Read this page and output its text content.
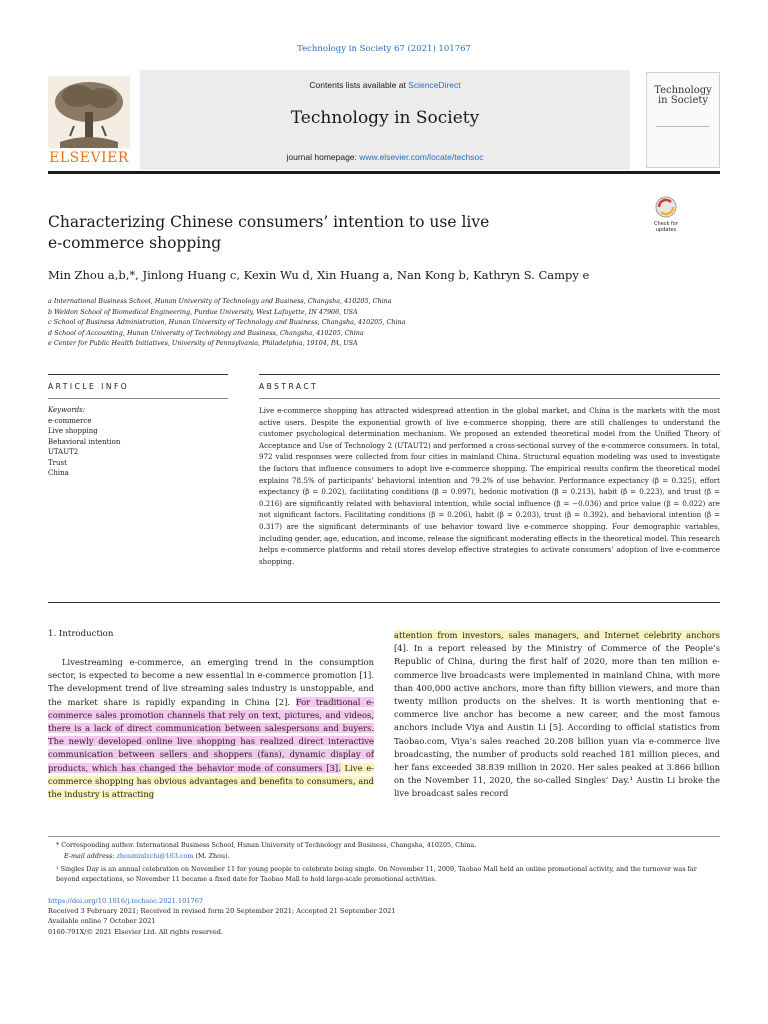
Technology in Society 67 (2021) 101767
ELSEVIER
Contents lists available at ScienceDirect
Technology in Society
journal homepage: www.elsevier.com/locate/techsoc
Technology in Society
Characterizing Chinese consumers’ intention to use live
e-commerce shopping
Check for updates
Min Zhou a,b,*, Jinlong Huang c, Kexin Wu d, Xin Huang a, Nan Kong b, Kathryn S. Campy e
a International Business School, Hunan University of Technology and Business, Changsha, 410205, China
b Weldon School of Biomedical Engineering, Purdue University, West Lafayette, IN 47906, USA
c School of Business Administration, Hunan University of Technology and Business, Changsha, 410205, China
d School of Accounting, Hunan University of Technology and Business, Changsha, 410205, China
e Center for Public Health Initiatives, University of Pennsylvania, Philadelphia, 19104, PA, USA
ARTICLE INFO	ABSTRACT
Keywords:
e-commerce
Live shopping
Behavioral intention
UTAUT2
Trust
China
Live e-commerce shopping has attracted widespread attention in the global market, and China is the markets with the most active users. Despite the exponential growth of live e-commerce shopping, there are still challenges to understand the customer psychological determination mechanism. We proposed an extended theoretical model from the Unified Theory of Acceptance and Use of Technology 2 (UTAUT2) and performed a cross-sectional survey of the e-commerce consumers. In total, 972 valid responses were collected from four cities in mainland China. Structural equation modeling was used to investigate the factors that influence consumers to adopt live e-commerce shopping. The empirical results confirm the theoretical model explains 78.5% of participants’ behavioral intention and 79.2% of use behavior. Performance expectancy (β = 0.325), effort expectancy (β = 0.202), facilitating conditions (β = 0.097), hedonic motivation (β = 0.213), habit (β = 0.223), and trust (β = 0.216) are significantly related with behavioral intention, while social influence (β = −0.036) and price value (β = 0.022) are not significant factors. Facilitating conditions (β = 0.206), habit (β = 0.203), trust (β = 0.392), and behavioral intention (β = 0.317) are the significant determinants of use behavior toward live e-commerce shopping. Four demographic variables, including gender, age, education, and income, release the significant moderating effects in the theoretical model. This research helps e-commerce platforms and retail stores develop effective strategies to activate consumers’ adoption of live e-commerce shopping.
1. Introduction
Livestreaming e-commerce, an emerging trend in the consumption sector, is expected to become a new essential in e-commerce promotion [1]. The development trend of live streaming sales industry is unstoppable, and the market share is rapidly expanding in China [2]. For traditional e-commerce sales promotion channels that rely on text, pictures, and videos, there is a lack of direct communication between salespersons and buyers. The newly developed online live shopping has realized direct interactive communication between sellers and shoppers (fans), dynamic display of products, which has changed the behavior mode of consumers [3]. Live e-commerce shopping has obvious advantages and benefits to consumers, and the industry is attracting
attention from investors, sales managers, and Internet celebrity anchors [4]. In a report released by the Ministry of Commerce of the People’s Republic of China, during the first half of 2020, more than ten million e-commerce live broadcasts were implemented in mainland China, with more than 400,000 active anchors, more than fifty billion viewers, and more than twenty million products on the shelves. It is worth mentioning that e-commerce live anchor has become a new career, and the most famous anchors include Viya and Austin Li [5]. According to official statistics from Taobao.com, Viya’s sales reached 20.208 billion yuan via e-commerce live broadcasting, the number of products sold reached 181 million pieces, and her fans exceeded 38.839 million in 2020. Her sales peaked at 3.866 billion on the November 11, 2020, the so-called Singles’ Day.¹ Austin Li broke the live broadcast sales record
* Corresponding author. International Business School, Hunan University of Technology and Business, Changsha, 410205, China.
E-mail address: zhouminlzchi@163.com (M. Zhou).
¹ Singles Day is an annual celebration on November 11 for young people to celebrate being single. On November 11, 2009, Taobao Mall held an online promotional activity, and the turnover was far beyond expectations, so November 11 became a fixed date for Taobao Mall to hold large-scale promotional activities.
https://doi.org/10.1016/j.techsoc.2021.101767
Received 3 February 2021; Received in revised form 20 September 2021; Accepted 21 September 2021
Available online 7 October 2021
0160-791X/© 2021 Elsevier Ltd. All rights reserved.
